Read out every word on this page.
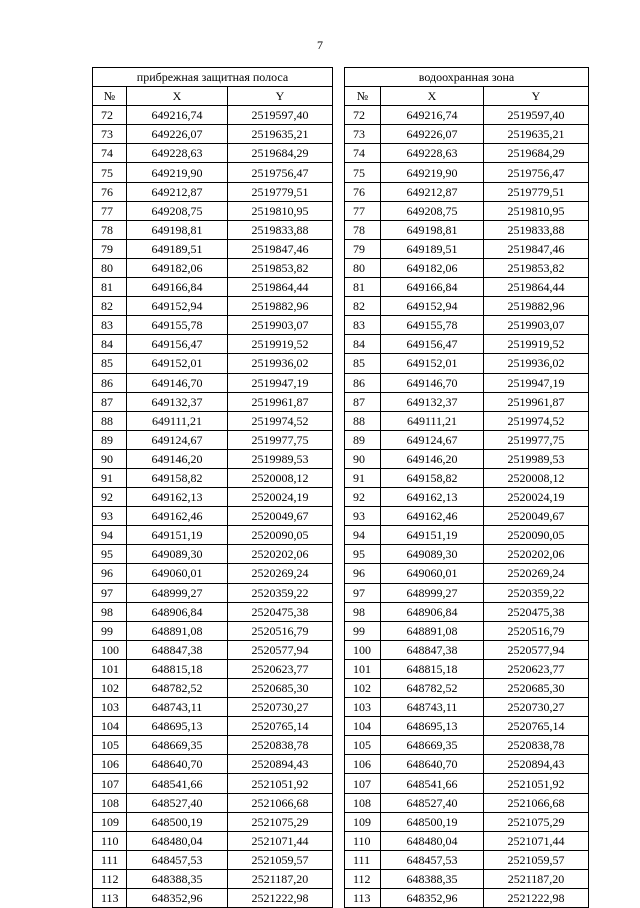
7
прибрежная защитная полоса		
№	X	Y
72	649216,74	2519597,40
73	649226,07	2519635,21
74	649228,63	2519684,29
75	649219,90	2519756,47
76	649212,87	2519779,51
77	649208,75	2519810,95
78	649198,81	2519833,88
79	649189,51	2519847,46
80	649182,06	2519853,82
81	649166,84	2519864,44
82	649152,94	2519882,96
83	649155,78	2519903,07
84	649156,47	2519919,52
85	649152,01	2519936,02
86	649146,70	2519947,19
87	649132,37	2519961,87
88	649111,21	2519974,52
89	649124,67	2519977,75
90	649146,20	2519989,53
91	649158,82	2520008,12
92	649162,13	2520024,19
93	649162,46	2520049,67
94	649151,19	2520090,05
95	649089,30	2520202,06
96	649060,01	2520269,24
97	648999,27	2520359,22
98	648906,84	2520475,38
99	648891,08	2520516,79
100	648847,38	2520577,94
101	648815,18	2520623,77
102	648782,52	2520685,30
103	648743,11	2520730,27
104	648695,13	2520765,14
105	648669,35	2520838,78
106	648640,70	2520894,43
107	648541,66	2521051,92
108	648527,40	2521066,68
109	648500,19	2521075,29
110	648480,04	2521071,44
111	648457,53	2521059,57
112	648388,35	2521187,20
113	648352,96	2521222,98
водоохранная зона		
№	X	Y
72	649216,74	2519597,40
73	649226,07	2519635,21
74	649228,63	2519684,29
75	649219,90	2519756,47
76	649212,87	2519779,51
77	649208,75	2519810,95
78	649198,81	2519833,88
79	649189,51	2519847,46
80	649182,06	2519853,82
81	649166,84	2519864,44
82	649152,94	2519882,96
83	649155,78	2519903,07
84	649156,47	2519919,52
85	649152,01	2519936,02
86	649146,70	2519947,19
87	649132,37	2519961,87
88	649111,21	2519974,52
89	649124,67	2519977,75
90	649146,20	2519989,53
91	649158,82	2520008,12
92	649162,13	2520024,19
93	649162,46	2520049,67
94	649151,19	2520090,05
95	649089,30	2520202,06
96	649060,01	2520269,24
97	648999,27	2520359,22
98	648906,84	2520475,38
99	648891,08	2520516,79
100	648847,38	2520577,94
101	648815,18	2520623,77
102	648782,52	2520685,30
103	648743,11	2520730,27
104	648695,13	2520765,14
105	648669,35	2520838,78
106	648640,70	2520894,43
107	648541,66	2521051,92
108	648527,40	2521066,68
109	648500,19	2521075,29
110	648480,04	2521071,44
111	648457,53	2521059,57
112	648388,35	2521187,20
113	648352,96	2521222,98
